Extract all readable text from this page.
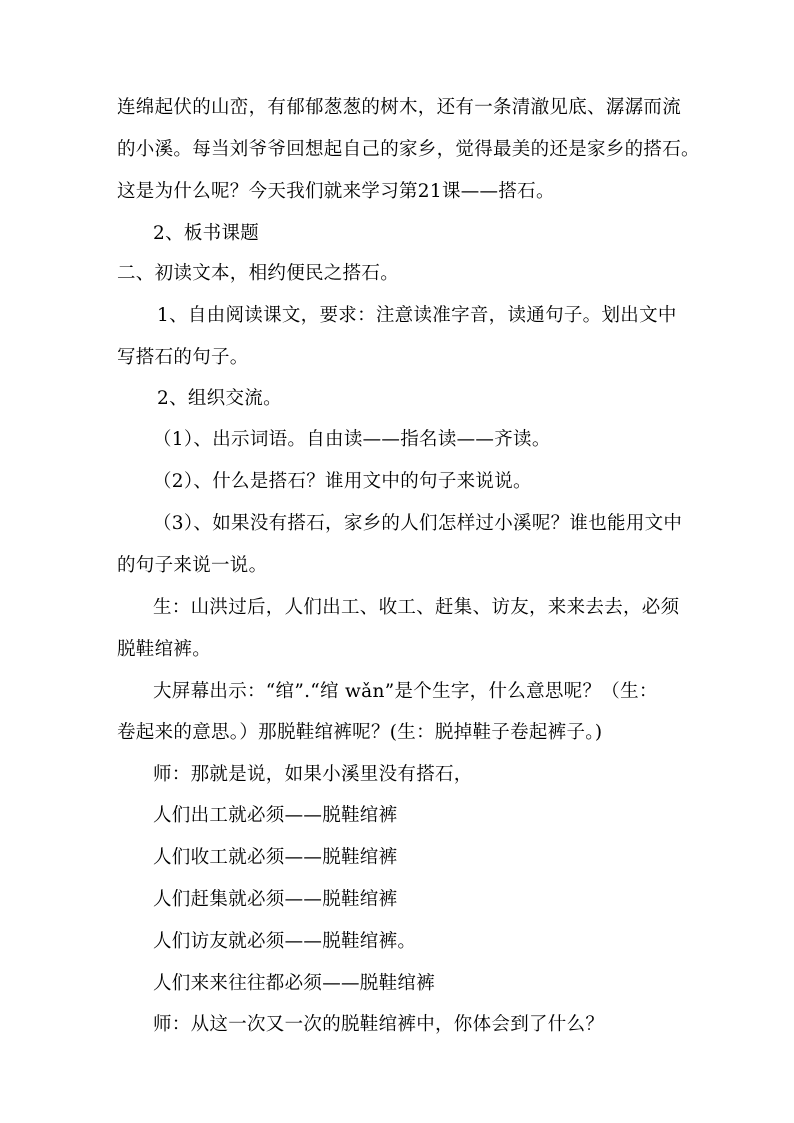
连绵起伏的山峦，有郁郁葱葱的树木，还有一条清澈见底、潺潺而流
的小溪。每当刘爷爷回想起自己的家乡，觉得最美的还是家乡的搭石。
这是为什么呢？今天我们就来学习第21课——搭石。
2、板书课题
二、初读文本，相约便民之搭石。
1、自由阅读课文，要求：注意读准字音，读通句子。划出文中
写搭石的句子。
2、组织交流。
（1）、出示词语。自由读——指名读——齐读。
（2）、什么是搭石？谁用文中的句子来说说。
（3）、如果没有搭石，家乡的人们怎样过小溪呢？谁也能用文中
的句子来说一说。
生：山洪过后，人们出工、收工、赶集、访友，来来去去，必须
脱鞋绾裤。
大屏幕出示：“绾”.“绾 wǎn”是个生字，什么意思呢？（生：
卷起来的意思。）那脱鞋绾裤呢？(生：脱掉鞋子卷起裤子。)
师：那就是说，如果小溪里没有搭石，
人们出工就必须——脱鞋绾裤
人们收工就必须——脱鞋绾裤
人们赶集就必须——脱鞋绾裤
人们访友就必须——脱鞋绾裤。
人们来来往往都必须——脱鞋绾裤
师：从这一次又一次的脱鞋绾裤中，你体会到了什么？
